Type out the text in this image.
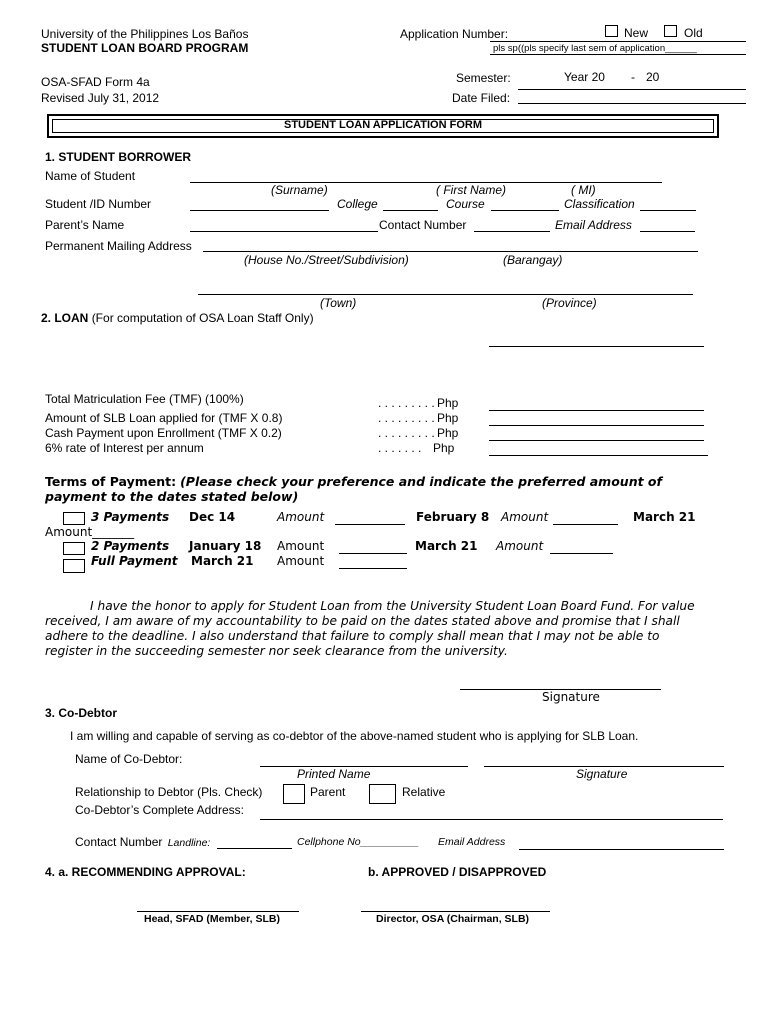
University of the Philippines Los Baños
STUDENT LOAN BOARD PROGRAM
OSA-SFAD Form 4a
Revised July 31, 2012
Application Number:	New	Old
pls sp((pls specify last sem of application______
Semester:	Year 20 - 20
Date Filed:
STUDENT LOAN APPLICATION FORM
1. STUDENT BORROWER
Name of Student
(Surname)	( First Name)	( MI)
Student /ID Number	College	Course	Classification
Parent’s Name	Contact Number	Email Address
Permanent Mailing Address
(House No./Street/Subdivision)	(Barangay)
(Town)	(Province)
2. LOAN (For computation of OSA Loan Staff Only)
Total Matriculation Fee (TMF) (100%)	. . . . . . . . . Php
Amount of SLB Loan applied for (TMF X 0.8)	. . . . . . . . . Php
Cash Payment upon Enrollment (TMF X 0.2)	. . . . . . . . . Php
6% rate of Interest per annum	. . . . . . . Php
Terms of Payment: (Please check your preference and indicate the preferred amount of
payment to the dates stated below)
3 Payments Dec 14	Amount	February 8 Amount	March 21
Amount_______
2 Payments January 18 Amount	March 21 Amount
Full Payment March 21 Amount

I have the honor to apply for Student Loan from the University Student Loan Board Fund. For value

received, I am aware of my accountability to be paid on the dates stated above and promise that I shall

adhere to the deadline. I also understand that failure to comply shall mean that I may not be able to

register in the succeeding semester nor seek clearance from the university.

Signature
3. Co-Debtor
I am willing and capable of serving as co-debtor of the above-named student who is applying for SLB Loan.
Name of Co-Debtor:
Printed Name	Signature
Relationship to Debtor (Pls. Check)	Parent	Relative
Co-Debtor’s Complete Address:
Contact Number Landline:	Cellphone No__________ Email Address
4. a. RECOMMENDING APPROVAL:	b. APPROVED / DISAPPROVED
Head, SFAD (Member, SLB)	Director, OSA (Chairman, SLB)
